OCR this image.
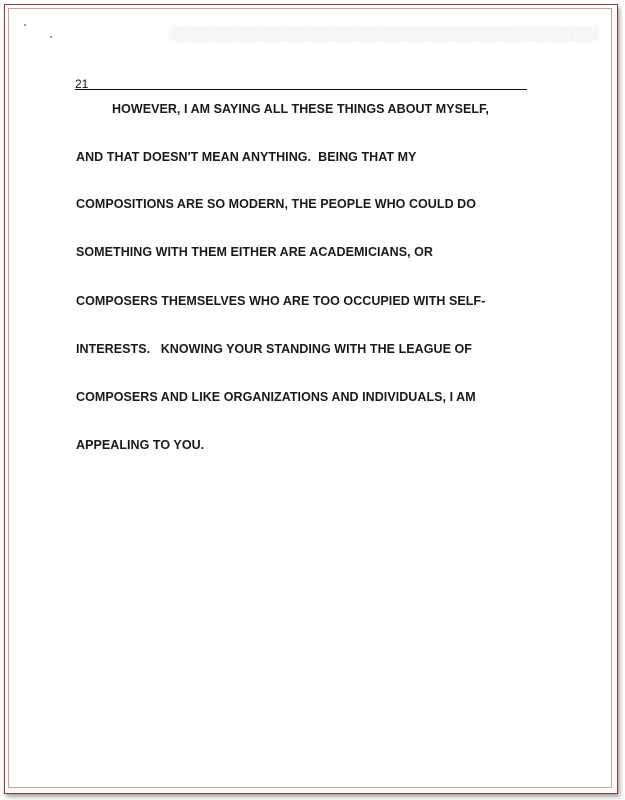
21
HOWEVER, I AM SAYING ALL THESE THINGS ABOUT MYSELF,
AND THAT DOESN'T MEAN ANYTHING.  BEING THAT MY
COMPOSITIONS ARE SO MODERN, THE PEOPLE WHO COULD DO
SOMETHING WITH THEM EITHER ARE ACADEMICIANS, OR
COMPOSERS THEMSELVES WHO ARE TOO OCCUPIED WITH SELF-
INTERESTS.   KNOWING YOUR STANDING WITH THE LEAGUE OF
COMPOSERS AND LIKE ORGANIZATIONS AND INDIVIDUALS, I AM
APPEALING TO YOU.
